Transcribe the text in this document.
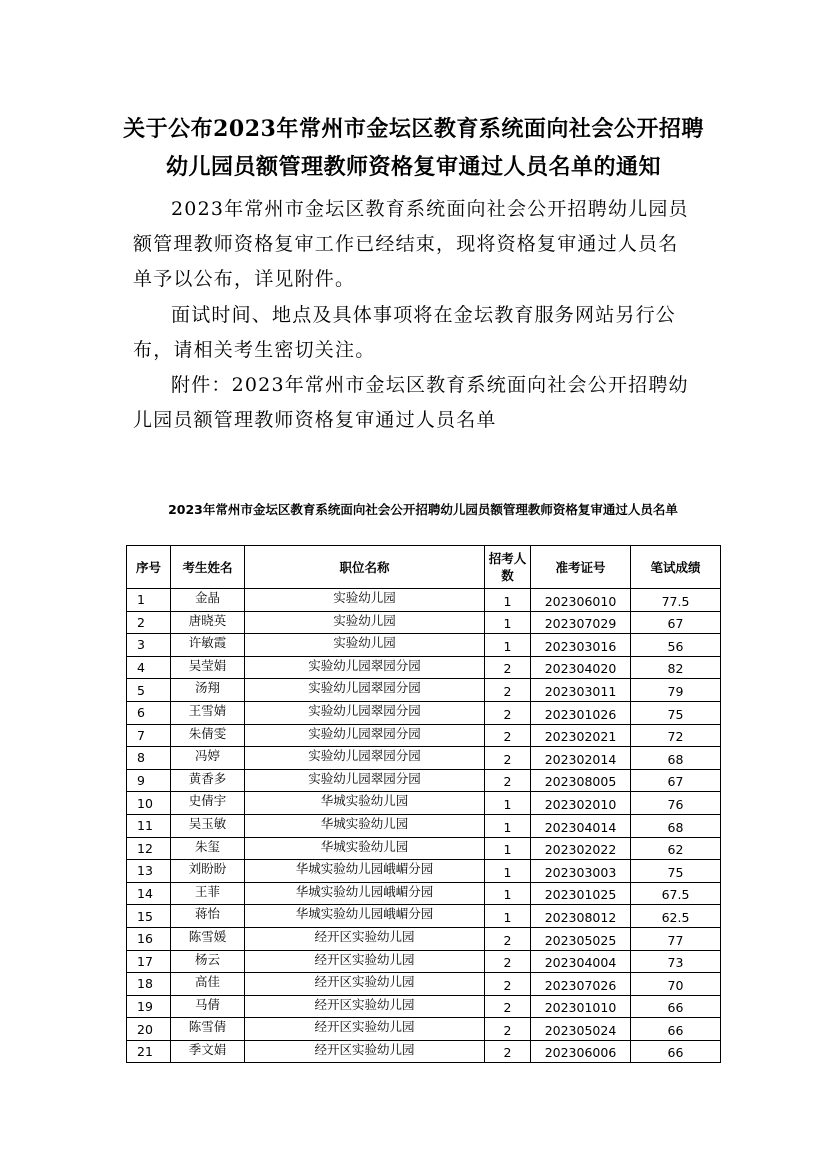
关于公布2023年常州市金坛区教育系统面向社会公开招聘
幼儿园员额管理教师资格复审通过人员名单的通知

2023年常州市金坛区教育系统面向社会公开招聘幼儿园员额管理教师资格复审工作已经结束，现将资格复审通过人员名单予以公布，详见附件。

面试时间、地点及具体事项将在金坛教育服务网站另行公布，请相关考生密切关注。

附件：2023年常州市金坛区教育系统面向社会公开招聘幼儿园员额管理教师资格复审通过人员名单

2023年常州市金坛区教育系统面向社会公开招聘幼儿园员额管理教师资格复审通过人员名单

序号	考生姓名	职位名称	招考人数	准考证号	笔试成绩
1	金晶	实验幼儿园	1	202306010	77.5
2	唐晓英	实验幼儿园	1	202307029	67
3	许敏霞	实验幼儿园	1	202303016	56
4	吴莹娟	实验幼儿园翠园分园	2	202304020	82
5	汤翔	实验幼儿园翠园分园	2	202303011	79
6	王雪婧	实验幼儿园翠园分园	2	202301026	75
7	朱倩雯	实验幼儿园翠园分园	2	202302021	72
8	冯婷	实验幼儿园翠园分园	2	202302014	68
9	黄香多	实验幼儿园翠园分园	2	202308005	67
10	史倩宇	华城实验幼儿园	1	202302010	76
11	吴玉敏	华城实验幼儿园	1	202304014	68
12	朱玺	华城实验幼儿园	1	202302022	62
13	刘盼盼	华城实验幼儿园峨嵋分园	1	202303003	75
14	王菲	华城实验幼儿园峨嵋分园	1	202301025	67.5
15	蒋怡	华城实验幼儿园峨嵋分园	1	202308012	62.5
16	陈雪媛	经开区实验幼儿园	2	202305025	77
17	杨云	经开区实验幼儿园	2	202304004	73
18	高佳	经开区实验幼儿园	2	202307026	70
19	马倩	经开区实验幼儿园	2	202301010	66
20	陈雪倩	经开区实验幼儿园	2	202305024	66
21	季文娟	经开区实验幼儿园	2	202306006	66
